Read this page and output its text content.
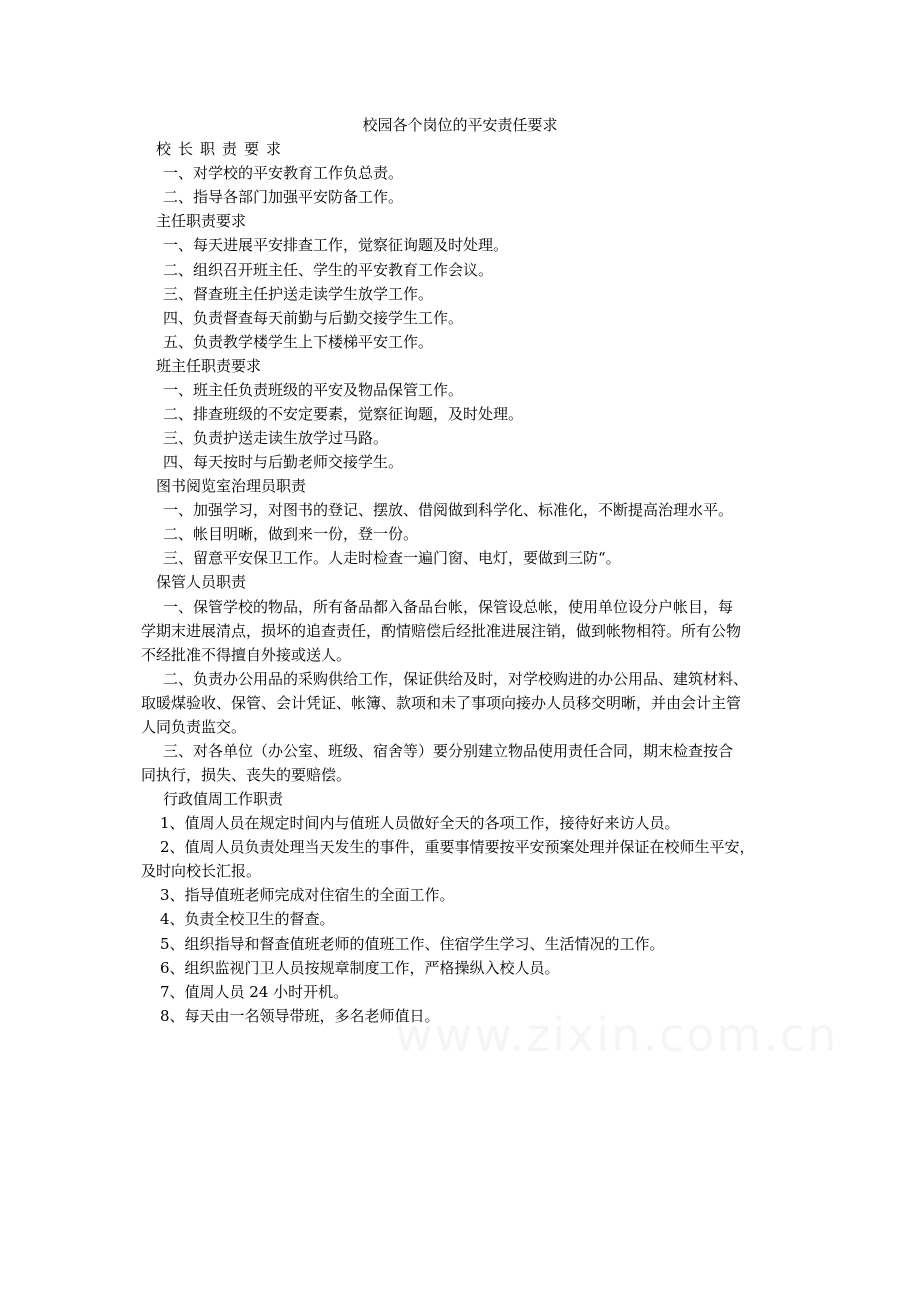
校园各个岗位的平安责任要求
校长职责要求
一、对学校的平安教育工作负总责。
二、指导各部门加强平安防备工作。
主任职责要求
一、每天进展平安排查工作，觉察征询题及时处理。
二、组织召开班主任、学生的平安教育工作会议。
三、督查班主任护送走读学生放学工作。
四、负责督查每天前勤与后勤交接学生工作。
五、负责教学楼学生上下楼梯平安工作。
班主任职责要求
一、班主任负责班级的平安及物品保管工作。
二、排查班级的不安定要素，觉察征询题，及时处理。
三、负责护送走读生放学过马路。
四、每天按时与后勤老师交接学生。
图书阅览室治理员职责
一、加强学习，对图书的登记、摆放、借阅做到科学化、标准化，不断提高治理水平。
二、帐目明晰，做到来一份，登一份。
三、留意平安保卫工作。人走时检查一遍门窗、电灯，要做到三防“。
保管人员职责
一、保管学校的物品，所有备品都入备品台帐，保管设总帐，使用单位设分户帐目，每
学期末进展清点，损坏的追查责任，酌情赔偿后经批准进展注销，做到帐物相符。所有公物
不经批准不得擅自外接或送人。
二、负责办公用品的采购供给工作，保证供给及时，对学校购进的办公用品、建筑材料、
取暖煤验收、保管、会计凭证、帐簿、款项和未了事项向接办人员移交明晰，并由会计主管
人同负责监交。
三、对各单位（办公室、班级、宿舍等）要分别建立物品使用责任合同，期末检查按合
同执行，损失、丧失的要赔偿。
行政值周工作职责
1、值周人员在规定时间内与值班人员做好全天的各项工作，接待好来访人员。
2、值周人员负责处理当天发生的事件，重要事情要按平安预案处理并保证在校师生平安，
及时向校长汇报。
3、指导值班老师完成对住宿生的全面工作。
4、负责全校卫生的督查。
5、组织指导和督查值班老师的值班工作、住宿学生学习、生活情况的工作。
6、组织监视门卫人员按规章制度工作，严格操纵入校人员。
7、值周人员 24 小时开机。
8、每天由一名领导带班，多名老师值日。
